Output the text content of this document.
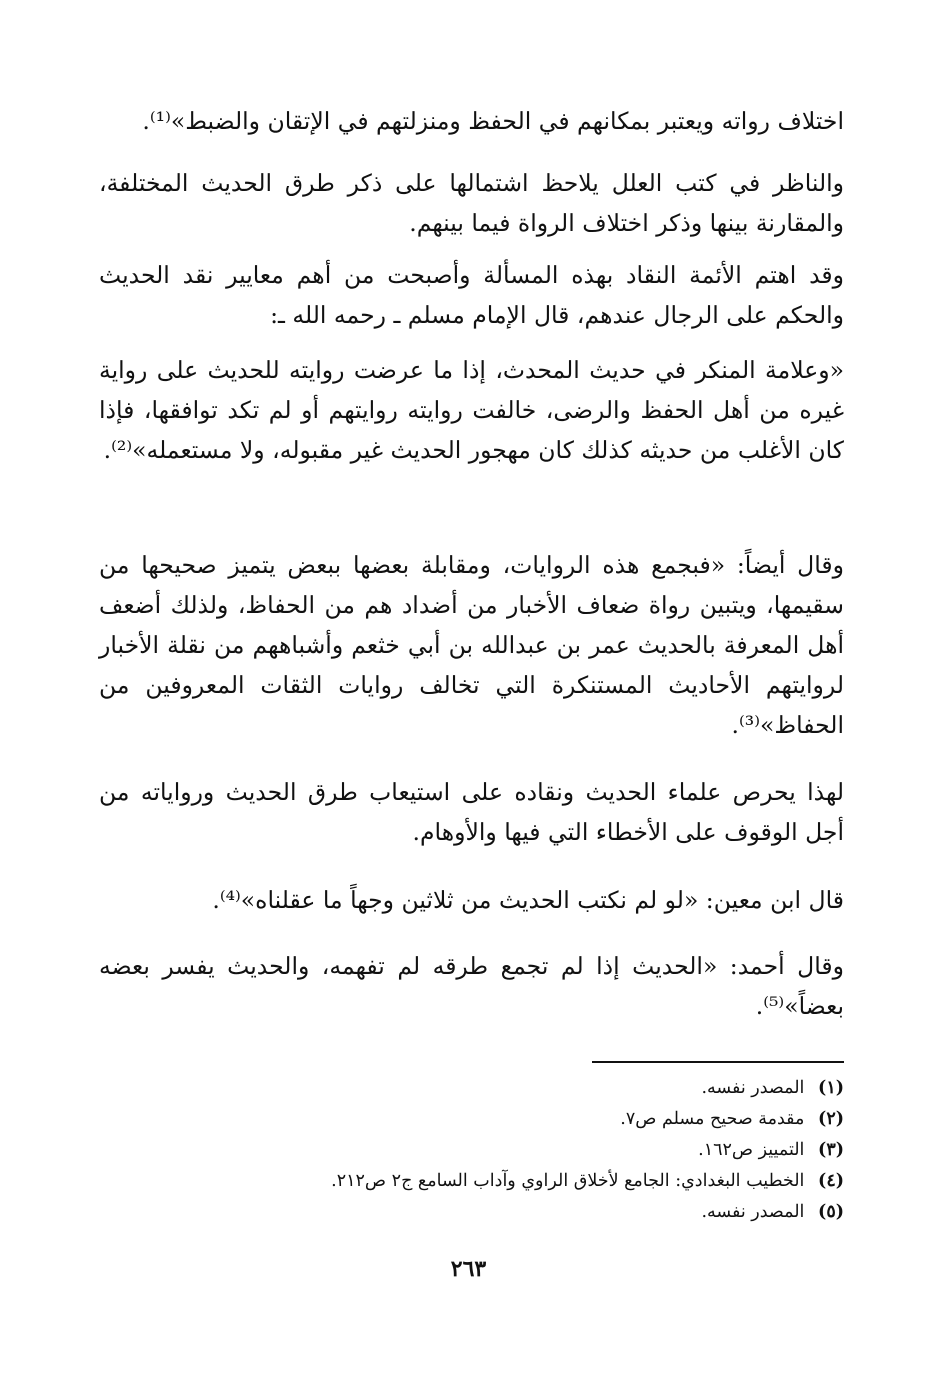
اختلاف رواته ويعتبر بمكانهم في الحفظ ومنزلتهم في الإتقان والضبط»⁽¹⁾.

والناظر في كتب العلل يلاحظ اشتمالها على ذكر طرق الحديث المختلفة، والمقارنة بينها وذكر اختلاف الرواة فيما بينهم.

وقد اهتم الأئمة النقاد بهذه المسألة وأصبحت من أهم معايير نقد الحديث والحكم على الرجال عندهم، قال الإمام مسلم ـ رحمه الله ـ:

«وعلامة المنكر في حديث المحدث، إذا ما عرضت روايته للحديث على رواية غيره من أهل الحفظ والرضى، خالفت روايته روايتهم أو لم تكد توافقها، فإذا كان الأغلب من حديثه كذلك كان مهجور الحديث غير مقبوله، ولا مستعمله»⁽²⁾.

وقال أيضاً: «فبجمع هذه الروايات، ومقابلة بعضها ببعض يتميز صحيحها من سقيمها، ويتبين رواة ضعاف الأخبار من أضداد هم من الحفاظ، ولذلك أضعف أهل المعرفة بالحديث عمر بن عبدالله بن أبي خثعم وأشباههم من نقلة الأخبار لروايتهم الأحاديث المستنكرة التي تخالف روايات الثقات المعروفين من الحفاظ»⁽³⁾.

لهذا يحرص علماء الحديث ونقاده على استيعاب طرق الحديث ورواياته من أجل الوقوف على الأخطاء التي فيها والأوهام.

قال ابن معين: «لو لم نكتب الحديث من ثلاثين وجهاً ما عقلناه»⁽⁴⁾.

وقال أحمد: «الحديث إذا لم تجمع طرقه لم تفهمه، والحديث يفسر بعضه بعضاً»⁽⁵⁾.

(١) المصدر نفسه.

(٢) مقدمة صحيح مسلم ص٧.

(٣) التمييز ص١٦٢.

(٤) الخطيب البغدادي: الجامع لأخلاق الراوي وآداب السامع ج٢ ص٢١٢.

(٥) المصدر نفسه.

٢٦٣
